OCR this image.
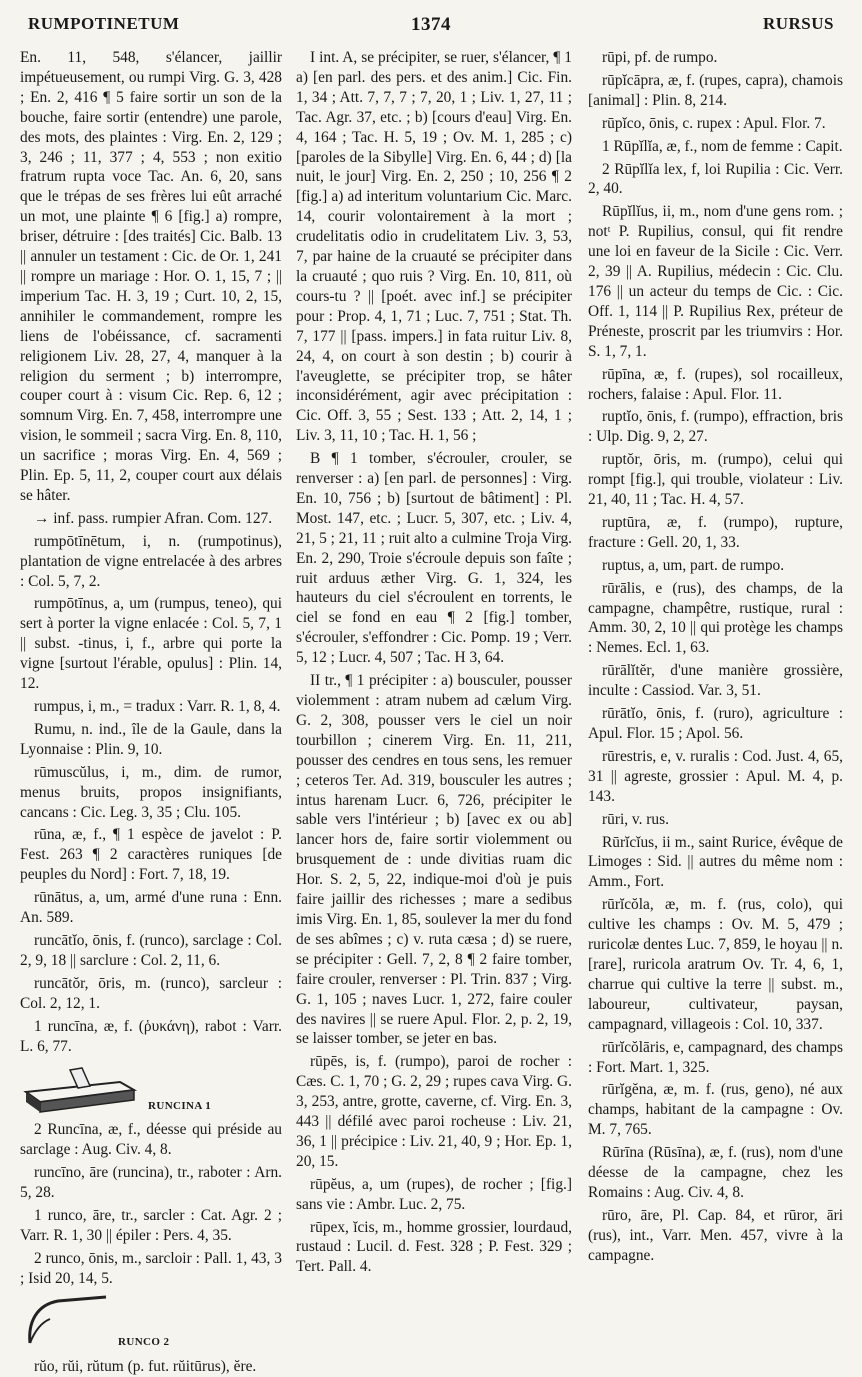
RUMPOTINETUM	1374	RURSUS

En. 11, 548, s'élancer, jaillir impétueusement, ou rumpi Virg. G. 3, 428 ; En. 2, 416 ¶ 5 faire sortir un son de la bouche, faire sortir (entendre) une parole, des mots, des plaintes : Virg. En. 2, 129 ; 3, 246 ; 11, 377 ; 4, 553 ; non exitio fratrum rupta voce Tac. An. 6, 20, sans que le trépas de ses frères lui eût arraché un mot, une plainte ¶ 6 [fig.] a) rompre, briser, détruire : [des traités] Cic. Balb. 13 || annuler un testament : Cic. de Or. 1, 241 || rompre un mariage : Hor. O. 1, 15, 7 ; || imperium Tac. H. 3, 19 ; Curt. 10, 2, 15, annihiler le commandement, rompre les liens de l'obéissance, cf. sacramenti religionem Liv. 28, 27, 4, manquer à la religion du serment ; b) interrompre, couper court à : visum Cic. Rep. 6, 12 ; somnum Virg. En. 7, 458, interrompre une vision, le sommeil ; sacra Virg. En. 8, 110, un sacrifice ; moras Virg. En. 4, 569 ; Plin. Ep. 5, 11, 2, couper court aux délais se hâter.

→ inf. pass. rumpier Afran. Com. 127.

rumpōtīnētum, i, n. (rumpotinus), plantation de vigne entrelacée à des arbres : Col. 5, 7, 2.

rumpōtīnus, a, um (rumpus, teneo), qui sert à porter la vigne enlacée : Col. 5, 7, 1 || subst. -tinus, i, f., arbre qui porte la vigne [surtout l'érable, opulus] : Plin. 14, 12.

rumpus, i, m., = tradux : Varr. R. 1, 8, 4.

Rumu, n. ind., île de la Gaule, dans la Lyonnaise : Plin. 9, 10.

rūmuscŭlus, i, m., dim. de rumor, menus bruits, propos insignifiants, cancans : Cic. Leg. 3, 35 ; Clu. 105.

rūna, æ, f., ¶ 1 espèce de javelot : P. Fest. 263 ¶ 2 caractères runiques [de peuples du Nord] : Fort. 7, 18, 19.

rūnātus, a, um, armé d'une runa : Enn. An. 589.

runcātĭo, ōnis, f. (runco), sarclage : Col. 2, 9, 18 || sarclure : Col. 2, 11, 6.

runcātŏr, ōris, m. (runco), sarcleur : Col. 2, 12, 1.

1 runcīna, æ, f. (ῥυκάνη), rabot : Varr. L. 6, 77.

RUNCINA 1

2 Runcīna, æ, f., déesse qui préside au sarclage : Aug. Civ. 4, 8.

runcīno, āre (runcina), tr., raboter : Arn. 5, 28.

1 runco, āre, tr., sarcler : Cat. Agr. 2 ; Varr. R. 1, 30 || épiler : Pers. 4, 35.

2 runco, ōnis, m., sarcloir : Pall. 1, 43, 3 ; Isid 20, 14, 5.

RUNCO 2

rŭo, rŭi, rŭtum (p. fut. rŭitūrus), ĕre.

I int. A, se précipiter, se ruer, s'élancer, ¶ 1 a) [en parl. des pers. et des anim.] Cic. Fin. 1, 34 ; Att. 7, 7, 7 ; 7, 20, 1 ; Liv. 1, 27, 11 ; Tac. Agr. 37, etc. ; b) [cours d'eau] Virg. En. 4, 164 ; Tac. H. 5, 19 ; Ov. M. 1, 285 ; c) [paroles de la Sibylle] Virg. En. 6, 44 ; d) [la nuit, le jour] Virg. En. 2, 250 ; 10, 256 ¶ 2 [fig.] a) ad interitum voluntarium Cic. Marc. 14, courir volontairement à la mort ; crudelitatis odio in crudelitatem Liv. 3, 53, 7, par haine de la cruauté se précipiter dans la cruauté ; quo ruis ? Virg. En. 10, 811, où cours-tu ? || [poét. avec inf.] se précipiter pour : Prop. 4, 1, 71 ; Luc. 7, 751 ; Stat. Th. 7, 177 || [pass. impers.] in fata ruitur Liv. 8, 24, 4, on court à son destin ; b) courir à l'aveuglette, se précipiter trop, se hâter inconsidérément, agir avec précipitation : Cic. Off. 3, 55 ; Sest. 133 ; Att. 2, 14, 1 ; Liv. 3, 11, 10 ; Tac. H. 1, 56 ;

B ¶ 1 tomber, s'écrouler, crouler, se renverser : a) [en parl. de personnes] : Virg. En. 10, 756 ; b) [surtout de bâtiment] : Pl. Most. 147, etc. ; Lucr. 5, 307, etc. ; Liv. 4, 21, 5 ; 21, 11 ; ruit alto a culmine Troja Virg. En. 2, 290, Troie s'écroule depuis son faîte ; ruit arduus æther Virg. G. 1, 324, les hauteurs du ciel s'écroulent en torrents, le ciel se fond en eau ¶ 2 [fig.] tomber, s'écrouler, s'effondrer : Cic. Pomp. 19 ; Verr. 5, 12 ; Lucr. 4, 507 ; Tac. H 3, 64.

II tr., ¶ 1 précipiter : a) bousculer, pousser violemment : atram nubem ad cælum Virg. G. 2, 308, pousser vers le ciel un noir tourbillon ; cinerem Virg. En. 11, 211, pousser des cendres en tous sens, les remuer ; ceteros Ter. Ad. 319, bousculer les autres ; intus harenam Lucr. 6, 726, précipiter le sable vers l'intérieur ; b) [avec ex ou ab] lancer hors de, faire sortir violemment ou brusquement de : unde divitias ruam dic Hor. S. 2, 5, 22, indique-moi d'où je puis faire jaillir des richesses ; mare a sedibus imis Virg. En. 1, 85, soulever la mer du fond de ses abîmes ; c) v. ruta cæsa ; d) se ruere, se précipiter : Gell. 7, 2, 8 ¶ 2 faire tomber, faire crouler, renverser : Pl. Trin. 837 ; Virg. G. 1, 105 ; naves Lucr. 1, 272, faire couler des navires || se ruere Apul. Flor. 2, p. 2, 19, se laisser tomber, se jeter en bas.

rūpēs, is, f. (rumpo), paroi de rocher : Cæs. C. 1, 70 ; G. 2, 29 ; rupes cava Virg. G. 3, 253, antre, grotte, caverne, cf. Virg. En. 3, 443 || défilé avec paroi rocheuse : Liv. 21, 36, 1 || précipice : Liv. 21, 40, 9 ; Hor. Ep. 1, 20, 15.

rūpĕus, a, um (rupes), de rocher ; [fig.] sans vie : Ambr. Luc. 2, 75.

rūpex, ĭcis, m., homme grossier, lourdaud, rustaud : Lucil. d. Fest. 328 ; P. Fest. 329 ; Tert. Pall. 4.

rūpi, pf. de rumpo.

rūpĭcāpra, æ, f. (rupes, capra), chamois [animal] : Plin. 8, 214.

rūpĭco, ōnis, c. rupex : Apul. Flor. 7.

1 Rūpĭlĭa, æ, f., nom de femme : Capit.

2 Rūpĭlĭa lex, f, loi Rupilia : Cic. Verr. 2, 40.

Rūpĭlĭus, ii, m., nom d'une gens rom. ; notᵗ P. Rupilius, consul, qui fit rendre une loi en faveur de la Sicile : Cic. Verr. 2, 39 || A. Rupilius, médecin : Cic. Clu. 176 || un acteur du temps de Cic. : Cic. Off. 1, 114 || P. Rupilius Rex, préteur de Préneste, proscrit par les triumvirs : Hor. S. 1, 7, 1.

rūpīna, æ, f. (rupes), sol rocailleux, rochers, falaise : Apul. Flor. 11.

ruptĭo, ōnis, f. (rumpo), effraction, bris : Ulp. Dig. 9, 2, 27.

ruptŏr, ōris, m. (rumpo), celui qui rompt [fig.], qui trouble, violateur : Liv. 21, 40, 11 ; Tac. H. 4, 57.

ruptūra, æ, f. (rumpo), rupture, fracture : Gell. 20, 1, 33.

ruptus, a, um, part. de rumpo.

rūrālis, e (rus), des champs, de la campagne, champêtre, rustique, rural : Amm. 30, 2, 10 || qui protège les champs : Nemes. Ecl. 1, 63.

rūrālĭtĕr, d'une manière grossière, inculte : Cassiod. Var. 3, 51.

rūrātĭo, ōnis, f. (ruro), agriculture : Apul. Flor. 15 ; Apol. 56.

rūrestris, e, v. ruralis : Cod. Just. 4, 65, 31 || agreste, grossier : Apul. M. 4, p. 143.

rūri, v. rus.

Rūrĭcĭus, ii m., saint Rurice, évêque de Limoges : Sid. || autres du même nom : Amm., Fort.

rūrĭcŏla, æ, m. f. (rus, colo), qui cultive les champs : Ov. M. 5, 479 ; ruricolæ dentes Luc. 7, 859, le hoyau || n. [rare], ruricola aratrum Ov. Tr. 4, 6, 1, charrue qui cultive la terre || subst. m., laboureur, cultivateur, paysan, campagnard, villageois : Col. 10, 337.

rūrĭcŏlāris, e, campagnard, des champs : Fort. Mart. 1, 325.

rūrĭgĕna, æ, m. f. (rus, geno), né aux champs, habitant de la campagne : Ov. M. 7, 765.

Rūrīna (Rūsīna), æ, f. (rus), nom d'une déesse de la campagne, chez les Romains : Aug. Civ. 4, 8.

rūro, āre, Pl. Cap. 84, et rūror, āri (rus), int., Varr. Men. 457, vivre à la campagne.
